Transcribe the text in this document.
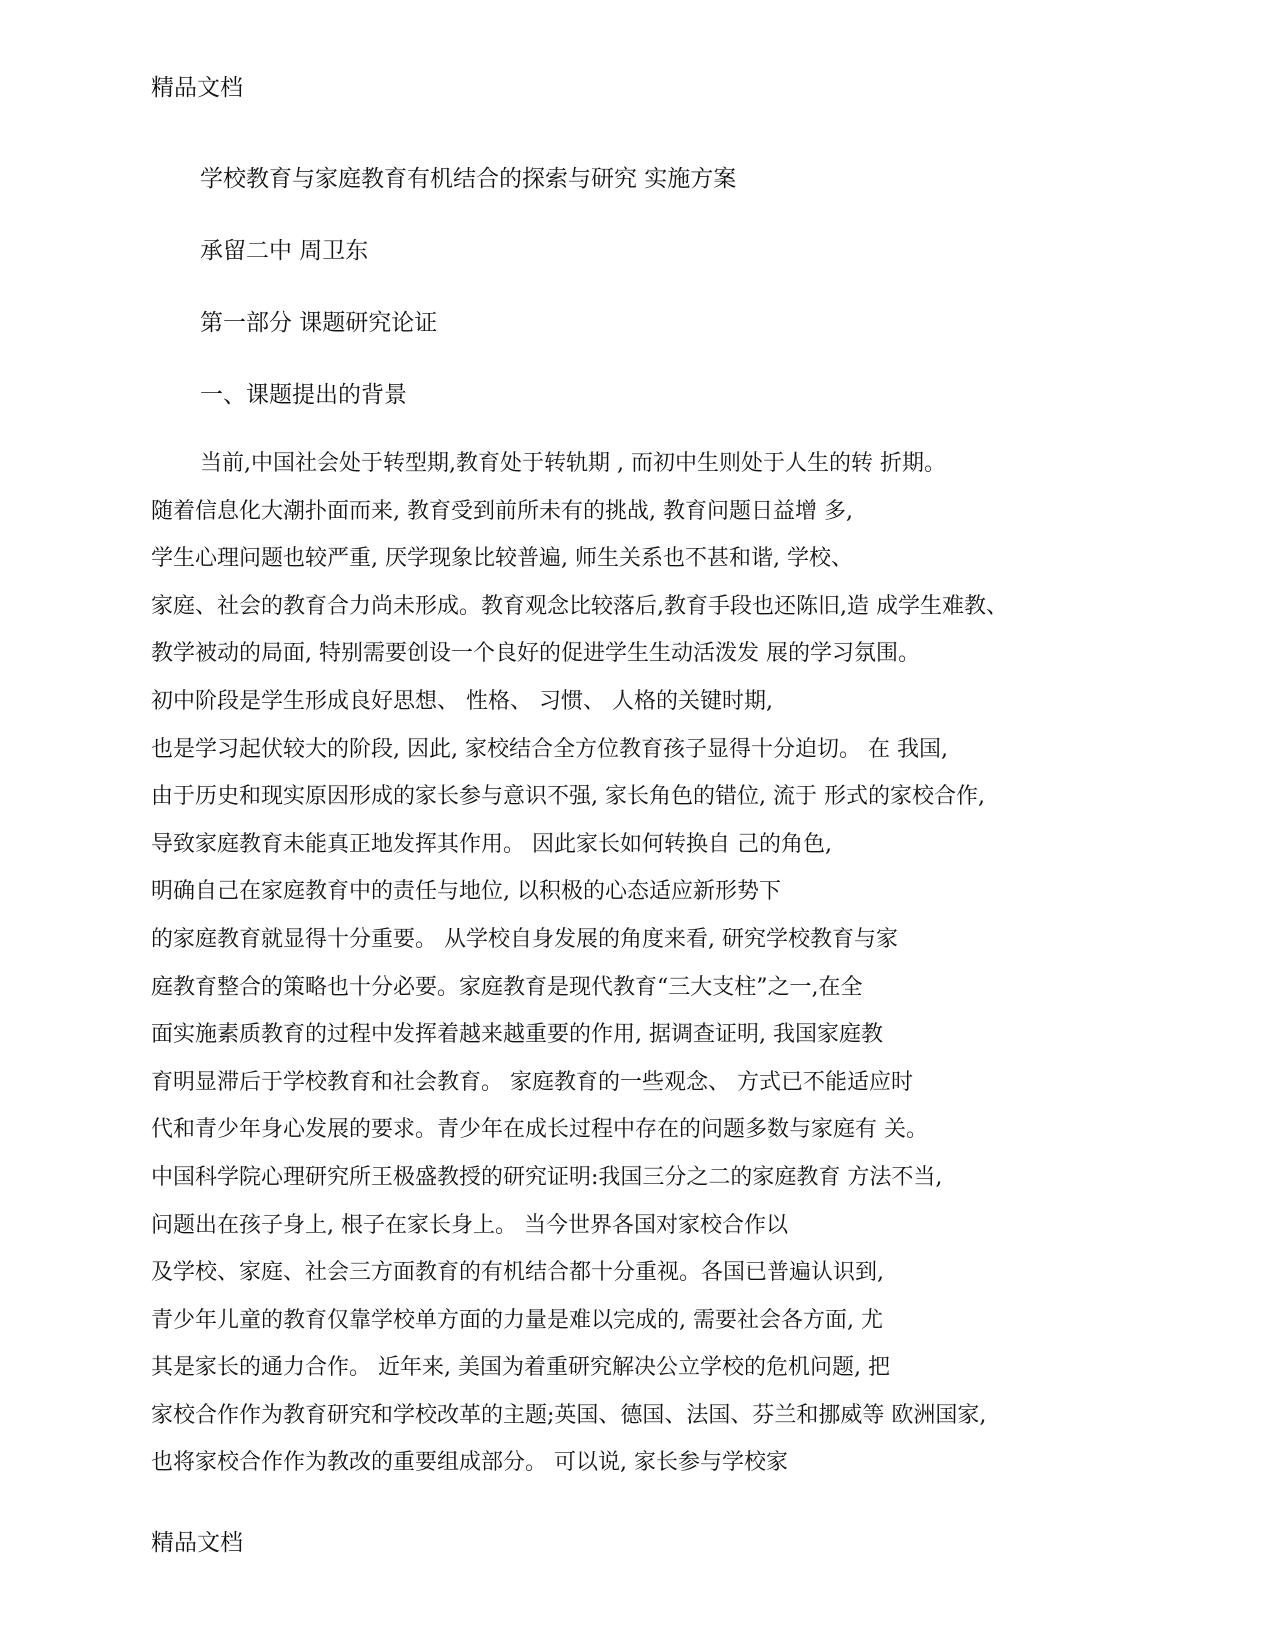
精品文档
学校教育与家庭教育有机结合的探索与研究 实施方案
承留二中 周卫东
第一部分 课题研究论证
一、课题提出的背景
当前,中国社会处于转型期,教育处于转轨期 , 而初中生则处于人生的转 折期。
随着信息化大潮扑面而来, 教育受到前所未有的挑战, 教育问题日益增 多,
学生心理问题也较严重, 厌学现象比较普遍, 师生关系也不甚和谐, 学校、
家庭、社会的教育合力尚未形成。教育观念比较落后,教育手段也还陈旧,造 成学生难教、
教学被动的局面, 特别需要创设一个良好的促进学生生动活泼发 展的学习氛围。
初中阶段是学生形成良好思想、 性格、 习惯、 人格的关键时期,
也是学习起伏较大的阶段, 因此, 家校结合全方位教育孩子显得十分迫切。 在 我国,
由于历史和现实原因形成的家长参与意识不强, 家长角色的错位, 流于 形式的家校合作,
导致家庭教育未能真正地发挥其作用。 因此家长如何转换自 己的角色,
明确自己在家庭教育中的责任与地位, 以积极的心态适应新形势下
的家庭教育就显得十分重要。 从学校自身发展的角度来看, 研究学校教育与家
庭教育整合的策略也十分必要。家庭教育是现代教育“三大支柱”之一,在全
面实施素质教育的过程中发挥着越来越重要的作用, 据调查证明, 我国家庭教
育明显滞后于学校教育和社会教育。 家庭教育的一些观念、 方式已不能适应时
代和青少年身心发展的要求。青少年在成长过程中存在的问题多数与家庭有 关。
中国科学院心理研究所王极盛教授的研究证明:我国三分之二的家庭教育 方法不当,
问题出在孩子身上, 根子在家长身上。 当今世界各国对家校合作以
及学校、家庭、社会三方面教育的有机结合都十分重视。各国已普遍认识到,
青少年儿童的教育仅靠学校单方面的力量是难以完成的, 需要社会各方面, 尤
其是家长的通力合作。 近年来, 美国为着重研究解决公立学校的危机问题, 把
家校合作作为教育研究和学校改革的主题;英国、德国、法国、芬兰和挪威等 欧洲国家,
也将家校合作作为教改的重要组成部分。 可以说, 家长参与学校家
精品文档
